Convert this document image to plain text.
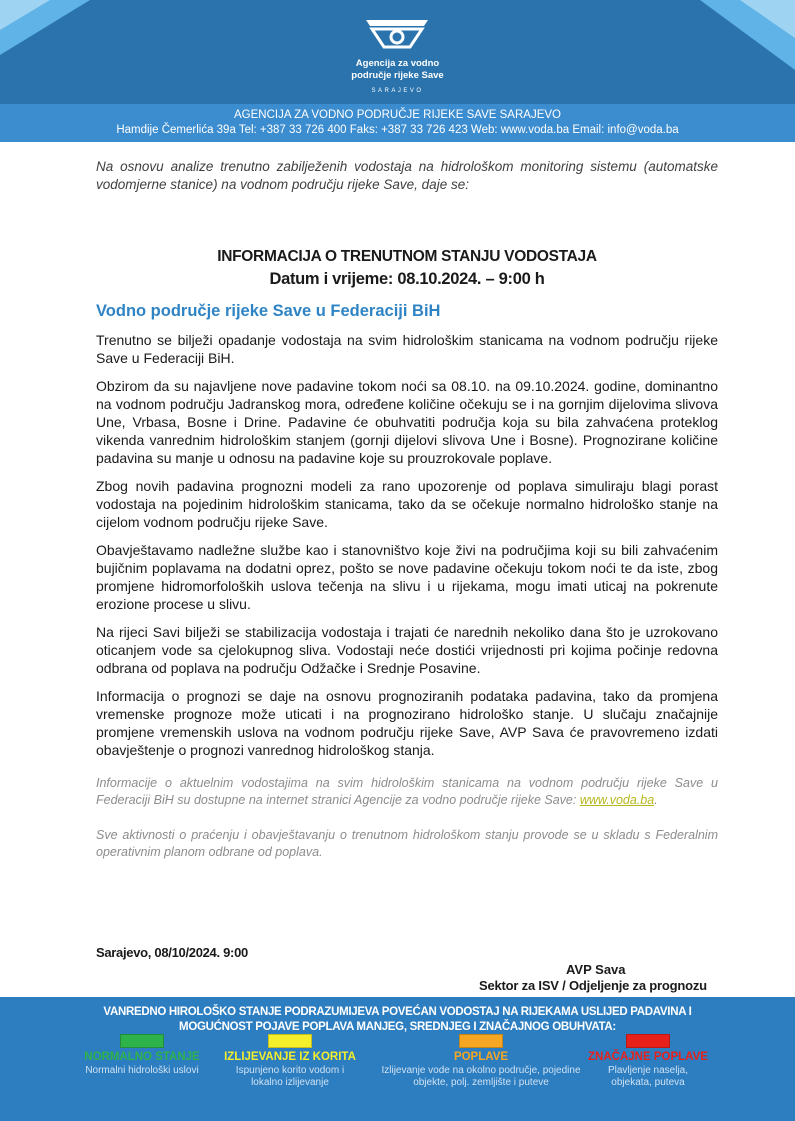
Agencija za vodno
područje rijeke Save
SARAJEVO
AGENCIJA ZA VODNO PODRUČJE RIJEKE SAVE SARAJEVO
Hamdije Čemerlića 39a Tel: +387 33 726 400 Faks: +387 33 726 423 Web: www.voda.ba Email: info@voda.ba

Na osnovu analize trenutno zabilježenih vodostaja na hidrološkom monitoring sistemu (automatske vodomjerne stanice) na vodnom području rijeke Save, daje se:

INFORMACIJA O TRENUTNOM STANJU VODOSTAJA

Datum i vrijeme: 08.10.2024. – 9:00 h

Vodno područje rijeke Save u Federaciji BiH

Trenutno se bilježi opadanje vodostaja na svim hidrološkim stanicama na vodnom području rijeke Save u Federaciji BiH.

Obzirom da su najavljene nove padavine tokom noći sa 08.10. na 09.10.2024. godine, dominantno na vodnom području Jadranskog mora, određene količine očekuju se i na gornjim dijelovima slivova Une, Vrbasa, Bosne i Drine. Padavine će obuhvatiti područja koja su bila zahvaćena proteklog vikenda vanrednim hidrološkim stanjem (gornji dijelovi slivova Une i Bosne). Prognozirane količine padavina su manje u odnosu na padavine koje su prouzrokovale poplave.

Zbog novih padavina prognozni modeli za rano upozorenje od poplava simuliraju blagi porast vodostaja na pojedinim hidrološkim stanicama, tako da se očekuje normalno hidrološko stanje na cijelom vodnom području rijeke Save.

Obavještavamo nadležne službe kao i stanovništvo koje živi na područjima koji su bili zahvaćenim bujičnim poplavama na dodatni oprez, pošto se nove padavine očekuju tokom noći te da iste, zbog promjene hidromorfoloških uslova tečenja na slivu i u rijekama, mogu imati uticaj na pokrenute erozione procese u slivu.

Na rijeci Savi bilježi se stabilizacija vodostaja i trajati će narednih nekoliko dana što je uzrokovano oticanjem vode sa cjelokupnog sliva. Vodostaji neće dostići vrijednosti pri kojima počinje redovna odbrana od poplava na području Odžačke i Srednje Posavine.

Informacija o prognozi se daje na osnovu prognoziranih podataka padavina, tako da promjena vremenske prognoze može uticati i na prognozirano hidrološko stanje. U slučaju značajnije promjene vremenskih uslova na vodnom području rijeke Save, AVP Sava će pravovremeno izdati obavještenje o prognozi vanrednog hidrološkog stanja.

Informacije o aktuelnim vodostajima na svim hidrološkim stanicama na vodnom području rijeke Save u Federaciji BiH su dostupne na internet stranici Agencije za vodno područje rijeke Save: www.voda.ba.

Sve aktivnosti o praćenju i obavještavanju o trenutnom hidrološkom stanju provode se u skladu s Federalnim operativnim planom odbrane od poplava.

Sarajevo, 08/10/2024. 9:00
AVP Sava
Sektor za ISV / Odjeljenje za prognozu
VANREDNO HIROLOŠKO STANJE PODRAZUMIJEVA POVEĆAN VODOSTAJ NA RIJEKAMA USLIJED PADAVINA I MOGUĆNOST POJAVE POPLAVA MANJEG, SREDNJEG I ZNAČAJNOG OBUHVATA:
NORMALNO STANJE
Normalni hidrološki uslovi
IZLIJEVANJE IZ KORITA
Ispunjeno korito vodom i lokalno izlijevanje
POPLAVE
Izlijevanje vode na okolno područje, pojedine objekte, polj. zemljište i puteve
ZNAČAJNE POPLAVE
Plavljenje naselja, objekata, puteva
